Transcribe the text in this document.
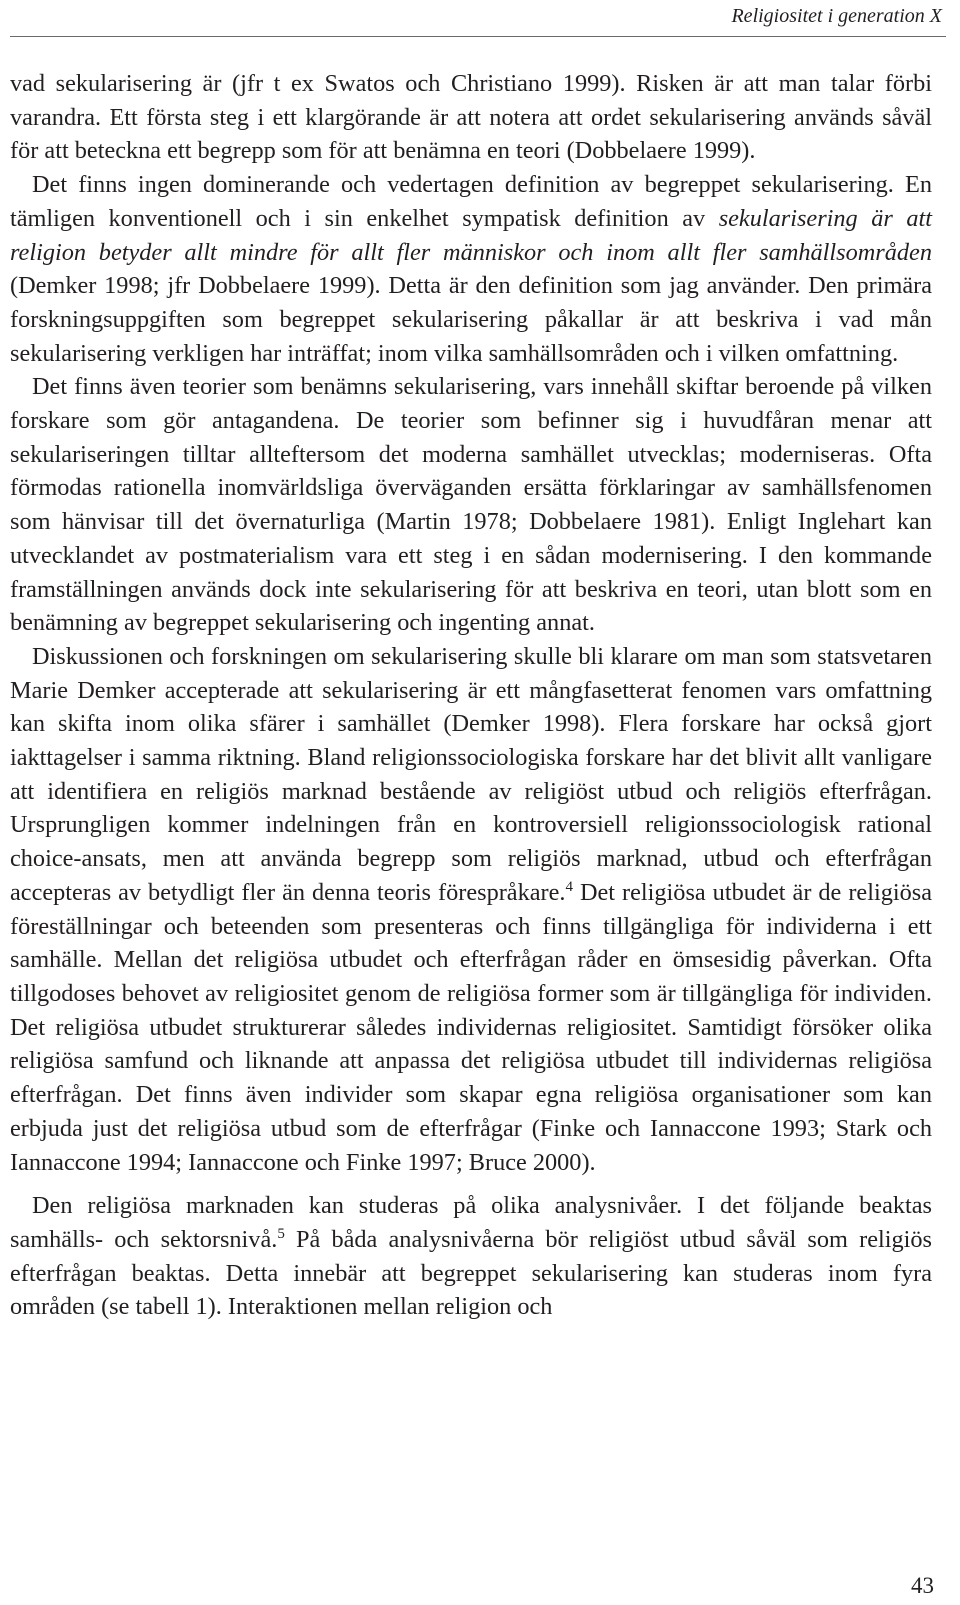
Religiositet i generation X

vad sekularisering är (jfr t ex Swatos och Christiano 1999). Risken är att man talar förbi varandra. Ett första steg i ett klargörande är att notera att ordet sekularisering används såväl för att beteckna ett begrepp som för att benämna en teori (Dobbelaere 1999).

Det finns ingen dominerande och vedertagen definition av begreppet sekularisering. En tämligen konventionell och i sin enkelhet sympatisk definition av sekularisering är att religion betyder allt mindre för allt fler människor och inom allt fler samhällsområden (Demker 1998; jfr Dobbelaere 1999). Detta är den definition som jag använder. Den primära forskningsuppgiften som begreppet sekularisering påkallar är att beskriva i vad mån sekularisering verkligen har inträffat; inom vilka samhällsområden och i vilken omfattning.

Det finns även teorier som benämns sekularisering, vars innehåll skiftar beroende på vilken forskare som gör antagandena. De teorier som befinner sig i huvudfåran menar att sekulariseringen tilltar allteftersom det moderna samhället utvecklas; moderniseras. Ofta förmodas rationella inomvärldsliga överväganden ersätta förklaringar av samhällsfenomen som hänvisar till det övernaturliga (Martin 1978; Dobbelaere 1981). Enligt Inglehart kan utvecklandet av postmaterialism vara ett steg i en sådan modernisering. I den kommande framställningen används dock inte sekularisering för att beskriva en teori, utan blott som en benämning av begreppet sekularisering och ingenting annat.

Diskussionen och forskningen om sekularisering skulle bli klarare om man som statsvetaren Marie Demker accepterade att sekularisering är ett mångfasetterat fenomen vars omfattning kan skifta inom olika sfärer i samhället (Demker 1998). Flera forskare har också gjort iakttagelser i samma riktning. Bland religionssociologiska forskare har det blivit allt vanligare att identifiera en religiös marknad bestående av religiöst utbud och religiös efterfrågan. Ursprungligen kommer indelningen från en kontroversiell religionssociologisk rational choice-ansats, men att använda begrepp som religiös marknad, utbud och efterfrågan accepteras av betydligt fler än denna teoris förespråkare.$^4$ Det religiösa utbudet är de religiösa föreställningar och beteenden som presenteras och finns tillgängliga för individerna i ett samhälle. Mellan det religiösa utbudet och efterfrågan råder en ömsesidig påverkan. Ofta tillgodoses behovet av religiositet genom de religiösa former som är tillgängliga för individen. Det religiösa utbudet strukturerar således individernas religiositet. Samtidigt försöker olika religiösa samfund och liknande att anpassa det religiösa utbudet till individernas religiösa efterfrågan. Det finns även individer som skapar egna religiösa organisationer som kan erbjuda just det religiösa utbud som de efterfrågar (Finke och Iannaccone 1993; Stark och Iannaccone 1994; Iannaccone och Finke 1997; Bruce 2000).

Den religiösa marknaden kan studeras på olika analysnivåer. I det följande beaktas samhälls- och sektorsnivå.$^5$ På båda analysnivåerna bör religiöst utbud såväl som religiös efterfrågan beaktas. Detta innebär att begreppet sekularisering kan studeras inom fyra områden (se tabell 1). Interaktionen mellan religion och

43
